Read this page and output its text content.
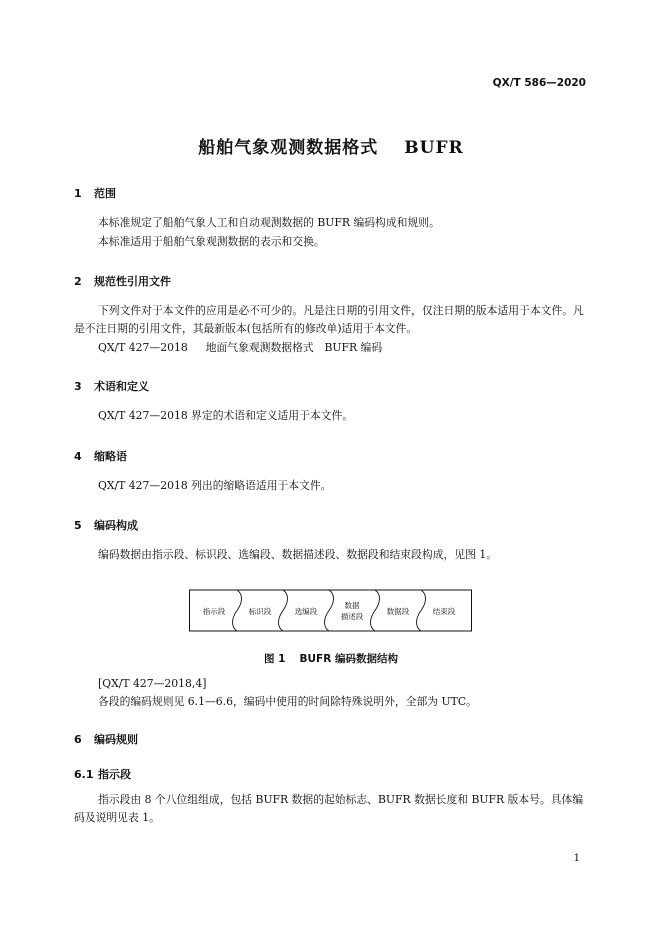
QX/T 586—2020
船舶气象观测数据格式 BUFR
1 范围
本标准规定了船舶气象人工和自动观测数据的 BUFR 编码构成和规则。
本标准适用于船舶气象观测数据的表示和交换。
2 规范性引用文件
下列文件对于本文件的应用是必不可少的。凡是注日期的引用文件，仅注日期的版本适用于本文件。凡是不注日期的引用文件，其最新版本(包括所有的修改单)适用于本文件。
QX/T 427—2018 地面气象观测数据格式　BUFR 编码
3 术语和定义
QX/T 427—2018 界定的术语和定义适用于本文件。
4 缩略语
QX/T 427—2018 列出的缩略语适用于本文件。
5 编码构成
编码数据由指示段、标识段、选编段、数据描述段、数据段和结束段构成，见图 1。
指示段	标识段	选编段
数据
描述段
数据段	结束段
图 1 BUFR 编码数据结构
[QX/T 427—2018,4]
各段的编码规则见 6.1—6.6，编码中使用的时间除特殊说明外，全部为 UTC。
6 编码规则
6.1 指示段
指示段由 8 个八位组组成，包括 BUFR 数据的起始标志、BUFR 数据长度和 BUFR 版本号。具体编码及说明见表 1。
1
